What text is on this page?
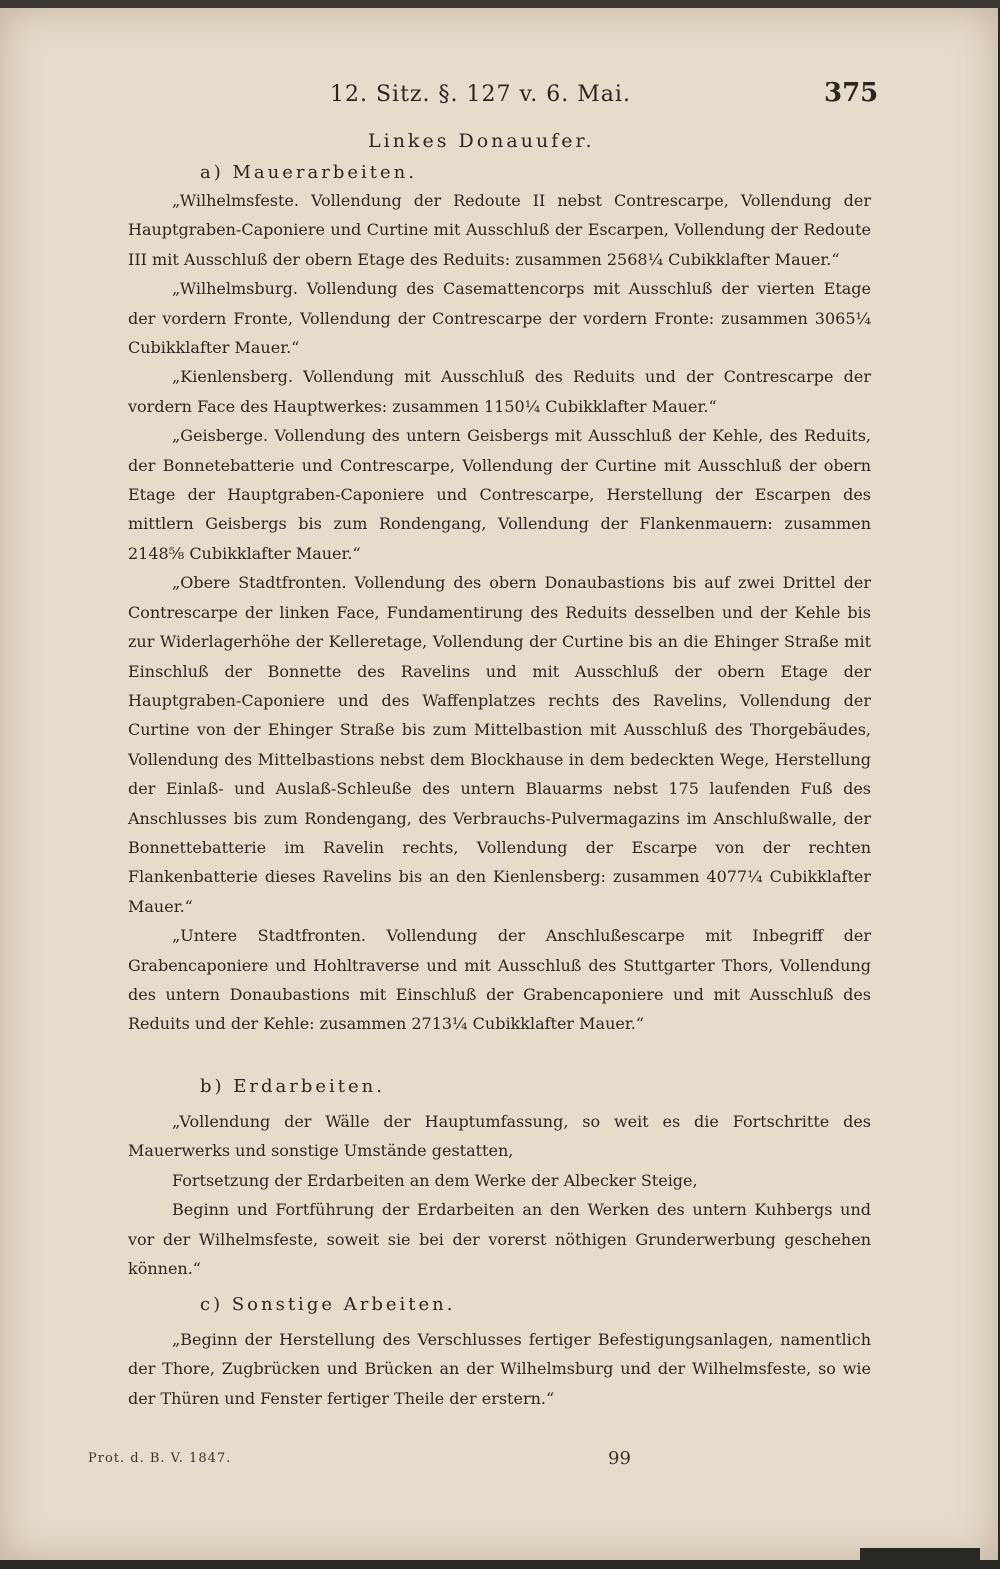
12. Sitz. §. 127 v. 6. Mai.	375
Linkes Donauufer.
a) Mauerarbeiten.

„Wilhelmsfeste. Vollendung der Redoute II nebst Contrescarpe, Vollendung der Hauptgraben-Caponiere und Curtine mit Ausschluß der Escarpen, Vollendung der Redoute III mit Ausschluß der obern Etage des Reduits: zusammen 2568¼ Cubikklafter Mauer.“

„Wilhelmsburg. Vollendung des Casemattencorps mit Ausschluß der vierten Etage der vordern Fronte, Vollendung der Contrescarpe der vordern Fronte: zusammen 3065¼ Cubikklafter Mauer.“

„Kienlensberg. Vollendung mit Ausschluß des Reduits und der Contrescarpe der vordern Face des Hauptwerkes: zusammen 1150¼ Cubikklafter Mauer.“

„Geisberge. Vollendung des untern Geisbergs mit Ausschluß der Kehle, des Reduits, der Bonnetebatterie und Contrescarpe, Vollendung der Curtine mit Ausschluß der obern Etage der Hauptgraben-Caponiere und Contrescarpe, Herstellung der Escarpen des mittlern Geisbergs bis zum Rondengang, Vollendung der Flankenmauern: zusammen 2148⅝ Cubikklafter Mauer.“

„Obere Stadtfronten. Vollendung des obern Donaubastions bis auf zwei Drittel der Contrescarpe der linken Face, Fundamentirung des Reduits desselben und der Kehle bis zur Widerlagerhöhe der Kelleretage, Vollendung der Curtine bis an die Ehinger Straße mit Einschluß der Bonnette des Ravelins und mit Ausschluß der obern Etage der Hauptgraben-Caponiere und des Waffenplatzes rechts des Ravelins, Vollendung der Curtine von der Ehinger Straße bis zum Mittelbastion mit Ausschluß des Thorgebäudes, Vollendung des Mittelbastions nebst dem Blockhause in dem bedeckten Wege, Herstellung der Einlaß- und Auslaß-Schleuße des untern Blauarms nebst 175 laufenden Fuß des Anschlusses bis zum Rondengang, des Verbrauchs-Pulvermagazins im Anschlußwalle, der Bonnettebatterie im Ravelin rechts, Vollendung der Escarpe von der rechten Flankenbatterie dieses Ravelins bis an den Kienlensberg: zusammen 4077¼ Cubikklafter Mauer.“

„Untere Stadtfronten. Vollendung der Anschlußescarpe mit Inbegriff der Grabencaponiere und Hohltraverse und mit Ausschluß des Stuttgarter Thors, Vollendung des untern Donaubastions mit Einschluß der Grabencaponiere und mit Ausschluß des Reduits und der Kehle: zusammen 2713¼ Cubikklafter Mauer.“

b) Erdarbeiten.

„Vollendung der Wälle der Hauptumfassung, so weit es die Fortschritte des Mauerwerks und sonstige Umstände gestatten,

Fortsetzung der Erdarbeiten an dem Werke der Albecker Steige,

Beginn und Fortführung der Erdarbeiten an den Werken des untern Kuhbergs und vor der Wilhelmsfeste, soweit sie bei der vorerst nöthigen Grunderwerbung geschehen können.“

c) Sonstige Arbeiten.

„Beginn der Herstellung des Verschlusses fertiger Befestigungsanlagen, namentlich der Thore, Zugbrücken und Brücken an der Wilhelmsburg und der Wilhelmsfeste, so wie der Thüren und Fenster fertiger Theile der erstern.“

Prot. d. B. V. 1847.	99
